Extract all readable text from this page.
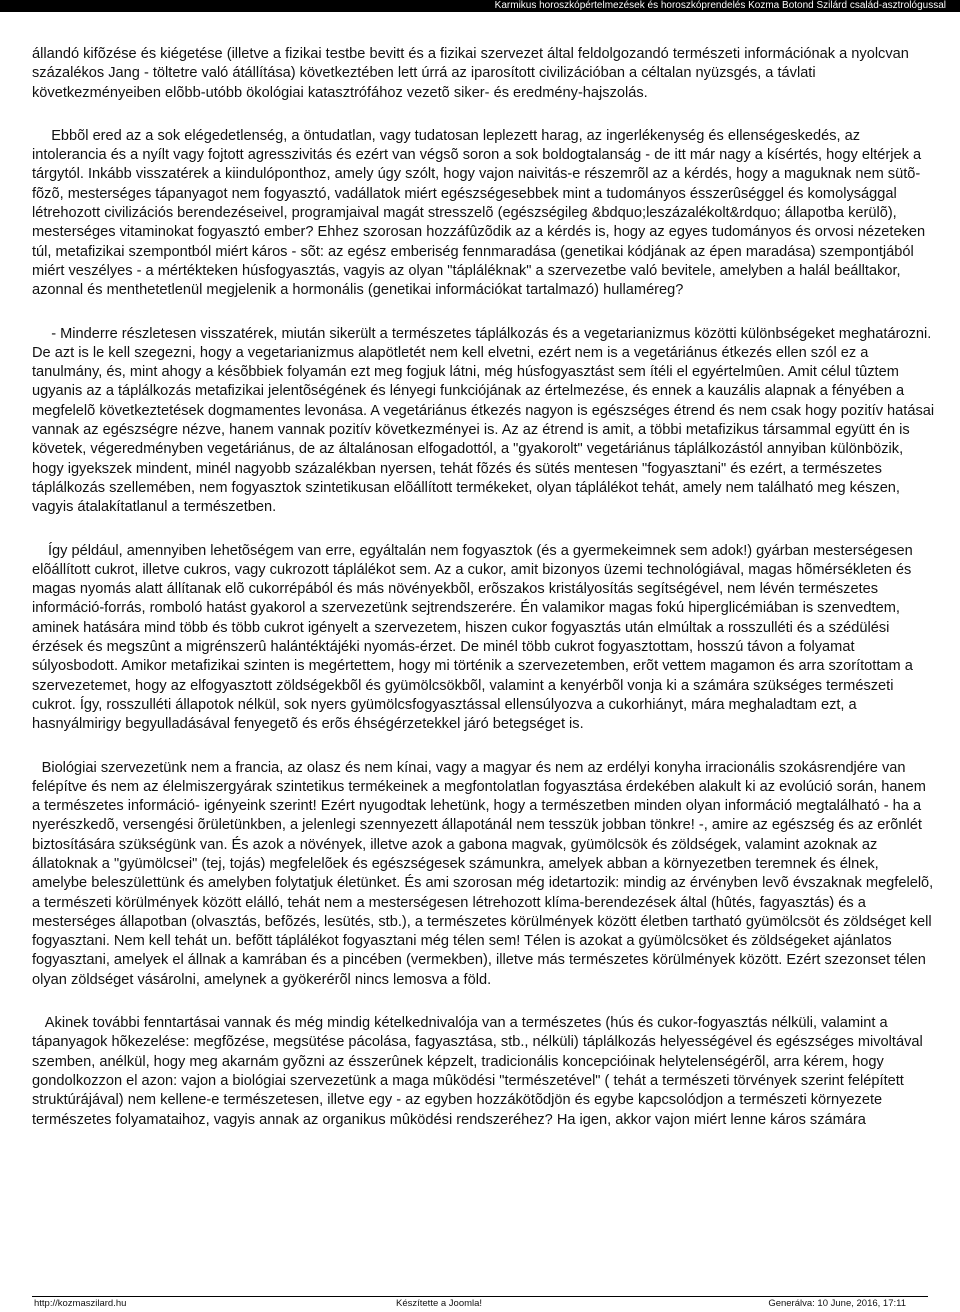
Karmikus horoszkópértelmezések és horoszkóprendelés Kozma Botond Szilárd család-asztrológussal

állandó kifõzése és kiégetése (illetve a fizikai testbe bevitt és a fizikai szervezet által feldolgozandó természeti információnak a nyolcvan százalékos Jang - töltetre való átállítása) következtében lett úrrá az iparosított civilizációban a céltalan nyüzsgés, a távlati következményeiben elõbb-utóbb ökológiai katasztrófához vezetõ siker- és eredmény-hajszolás.

Ebbõl ered az a sok elégedetlenség, a öntudatlan, vagy tudatosan leplezett harag, az ingerlékenység és ellenségeskedés, az intolerancia és a nyílt vagy fojtott agresszivitás és ezért van végsõ soron a sok boldogtalanság - de itt már nagy a kísértés, hogy eltérjek a tárgytól. Inkább visszatérek a kiindulóponthoz, amely úgy szólt, hogy vajon naivitás-e részemrõl az a kérdés, hogy a maguknak nem sütõ-fõzõ, mesterséges tápanyagot nem fogyasztó, vadállatok miért egészségesebbek mint a tudományos ésszerûséggel és komolysággal létrehozott civilizációs berendezéseivel, programjaival magát stresszelõ (egészségileg &bdquo;leszázalékolt&rdquo; állapotba kerülõ), mesterséges vitaminokat fogyasztó ember? Ehhez szorosan hozzáfûzõdik az a kérdés is, hogy az egyes tudományos és orvosi nézeteken túl, metafizikai szempontból miért káros - sõt: az egész emberiség fennmaradása (genetikai kódjának az épen maradása) szempontjából miért veszélyes - a mértékteken húsfogyasztás, vagyis az olyan "tápláléknak" a szervezetbe való bevitele, amelyben a halál beálltakor, azonnal és menthetetlenül megjelenik a hormonális (genetikai információkat tartalmazó) hullaméreg?

- Minderre részletesen visszatérek, miután sikerült a természetes táplálkozás és a vegetarianizmus közötti különbségeket meghatározni. De azt is le kell szegezni, hogy a vegetarianizmus alapötletét nem kell elvetni, ezért nem is a vegetáriánus étkezés ellen szól ez a tanulmány, és, mint ahogy a késõbbiek folyamán ezt meg fogjuk látni, még húsfogyasztást sem ítéli el egyértelmûen. Amit célul tûztem ugyanis az a táplálkozás metafizikai jelentõségének és lényegi funkciójának az értelmezése, és ennek a kauzális alapnak a fényében a megfelelõ következtetések dogmamentes levonása. A vegetáriánus étkezés nagyon is egészséges étrend és nem csak hogy pozitív hatásai vannak az egészségre nézve, hanem vannak pozitív következményei is. Az az étrend is amit, a többi metafizikus társammal együtt én is követek, végeredményben vegetáriánus, de az általánosan elfogadottól, a "gyakorolt" vegetáriánus táplálkozástól annyiban különbözik, hogy igyekszek mindent, minél nagyobb százalékban nyersen, tehát fõzés és sütés mentesen "fogyasztani" és ezért, a természetes táplálkozás szellemében, nem fogyasztok szintetikusan elõállított termékeket, olyan táplálékot tehát, amely nem található meg készen, vagyis átalakítatlanul a természetben.

Így például, amennyiben lehetõségem van erre, egyáltalán nem fogyasztok (és a gyermekeimnek sem adok!) gyárban mesterségesen elõállított cukrot, illetve cukros, vagy cukrozott táplálékot sem. Az a cukor, amit bizonyos üzemi technológiával, magas hõmérsékleten és magas nyomás alatt állítanak elõ cukorrépából és más növényekbõl, erõszakos kristályosítás segítségével, nem lévén természetes információ-forrás, romboló hatást gyakorol a szervezetünk sejtrendszerére. Én valamikor magas fokú hiperglicémiában is szenvedtem, aminek hatására mind több és több cukrot igényelt a szervezetem, hiszen cukor fogyasztás után elmúltak a rosszulléti és a szédülési érzések és megszûnt a migrénszerû halántéktájéki nyomás-érzet. De minél több cukrot fogyasztottam, hosszú távon a folyamat súlyosbodott. Amikor metafizikai szinten is megértettem, hogy mi történik a szervezetemben, erõt vettem magamon és arra szorítottam a szervezetemet, hogy az elfogyasztott zöldségekbõl és gyümölcsökbõl, valamint a kenyérbõl vonja ki a számára szükséges természeti cukrot. Így, rosszulléti állapotok nélkül, sok nyers gyümölcsfogyasztással ellensúlyozva a cukorhiányt, mára meghaladtam ezt, a hasnyálmirigy begyulladásával fenyegetõ és erõs éhségérzetekkel járó betegséget is.

Biológiai szervezetünk nem a francia, az olasz és nem kínai, vagy a magyar és nem az erdélyi konyha irracionális szokásrendjére van felépítve és nem az élelmiszergyárak szintetikus termékeinek a megfontolatlan fogyasztása érdekében alakult ki az evolúció során, hanem a természetes információ- igényeink szerint! Ezért nyugodtak lehetünk, hogy a természetben minden olyan információ megtalálható - ha a nyerészkedõ, versengési õrületünkben, a jelenlegi szennyezett állapotánál nem tesszük jobban tönkre! -, amire az egészség és az erõnlét biztosítására szükségünk van. És azok a növények, illetve azok a gabona magvak, gyümölcsök és zöldségek, valamint azoknak az állatoknak a "gyümölcsei" (tej, tojás) megfelelõek és egészségesek számunkra, amelyek abban a környezetben teremnek és élnek, amelybe beleszülettünk és amelyben folytatjuk életünket. És ami szorosan még idetartozik: mindig az érvényben levõ évszaknak megfelelõ, a természeti körülmények között elálló, tehát nem a mesterségesen létrehozott klíma-berendezések által (hûtés, fagyasztás) és a mesterséges állapotban (olvasztás, befõzés, lesütés, stb.), a természetes körülmények között életben tartható gyümölcsöt és zöldséget kell fogyasztani. Nem kell tehát un. befõtt táplálékot fogyasztani még télen sem! Télen is azokat a gyümölcsöket és zöldségeket ajánlatos fogyasztani, amelyek el állnak a kamrában és a pincében (vermekben), illetve más természetes körülmények között. Ezért szezonset télen olyan zöldséget vásárolni, amelynek a gyökerérõl nincs lemosva a föld.

Akinek további fenntartásai vannak és még mindig kételkednivalója van a természetes (hús és cukor-fogyasztás nélküli, valamint a tápanyagok hõkezelése: megfõzése, megsütése pácolása, fagyasztása, stb., nélküli) táplálkozás helyességével és egészséges mivoltával szemben, anélkül, hogy meg akarnám gyõzni az ésszerûnek képzelt, tradicionális koncepcióinak helytelenségérõl, arra kérem, hogy gondolkozzon el azon: vajon a biológiai szervezetünk a maga mûködési "természetével" ( tehát a természeti törvények szerint felépített struktúrájával) nem kellene-e természetesen, illetve egy - az egyben hozzákötõdjön és egybe kapcsolódjon a természeti környezete természetes folyamataihoz, vagyis annak az organikus mûködési rendszeréhez? Ha igen, akkor vajon miért lenne káros számára

http://kozmaszilard.hu	Készítette a Joomla!	Generálva: 10 June, 2016, 17:11
